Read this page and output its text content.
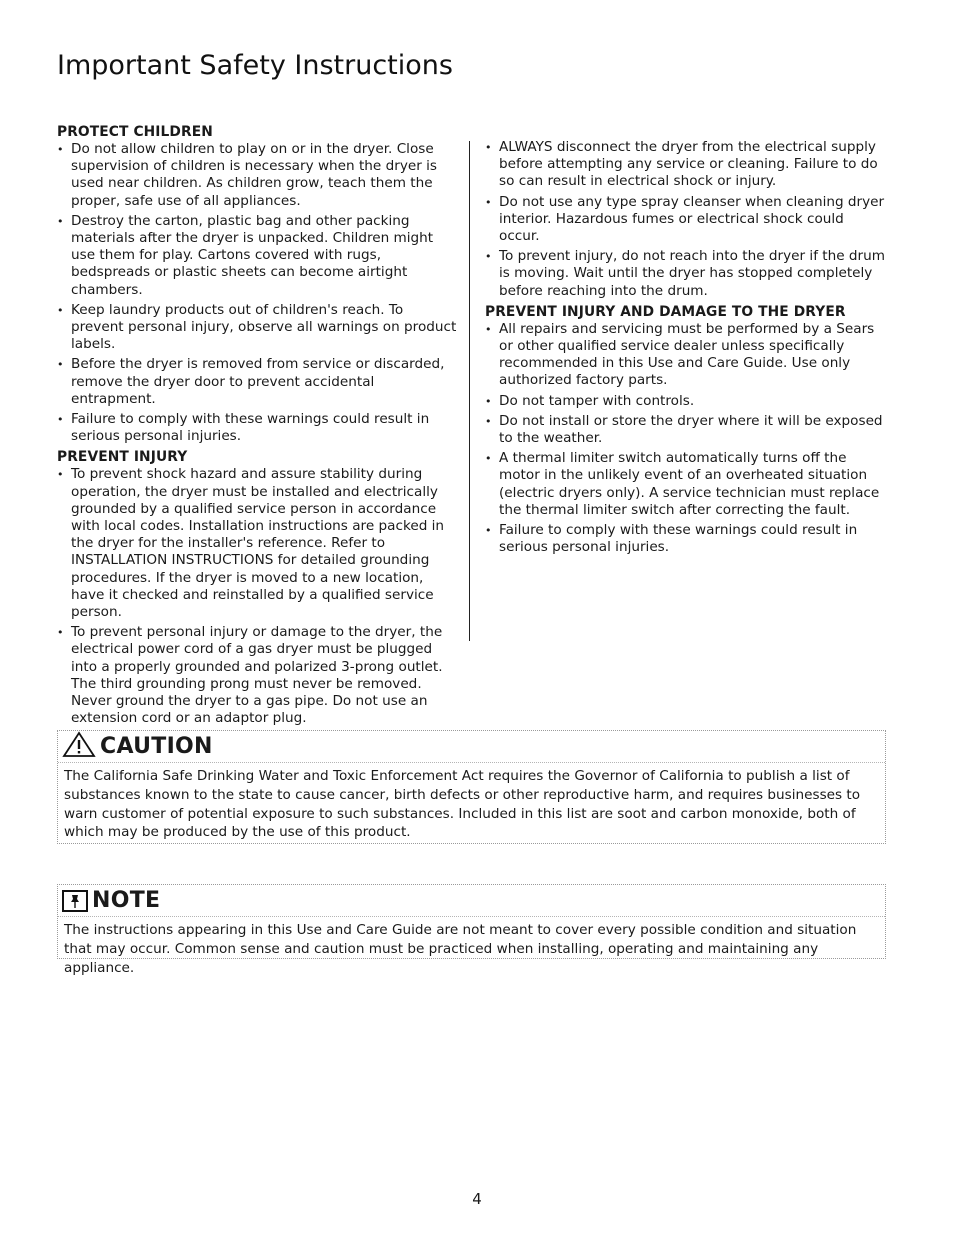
Important Safety Instructions
PROTECT CHILDREN
• Do not allow children to play on or in the dryer. Close supervision of children is necessary when the dryer is used near children. As children grow, teach them the proper, safe use of all appliances.
• Destroy the carton, plastic bag and other packing materials after the dryer is unpacked. Children might use them for play. Cartons covered with rugs, bedspreads or plastic sheets can become airtight chambers.
• Keep laundry products out of children's reach. To prevent personal injury, observe all warnings on product labels.
• Before the dryer is removed from service or discarded, remove the dryer door to prevent accidental entrapment.
• Failure to comply with these warnings could result in serious personal injuries.
PREVENT INJURY
• To prevent shock hazard and assure stability during operation, the dryer must be installed and electrically grounded by a qualified service person in accordance with local codes. Installation instructions are packed in the dryer for the installer's reference. Refer to INSTALLATION INSTRUCTIONS for detailed grounding procedures. If the dryer is moved to a new location, have it checked and reinstalled by a qualified service person.
• To prevent personal injury or damage to the dryer, the electrical power cord of a gas dryer must be plugged into a properly grounded and polarized 3-prong outlet. The third grounding prong must never be removed. Never ground the dryer to a gas pipe. Do not use an extension cord or an adaptor plug.
• ALWAYS disconnect the dryer from the electrical supply before attempting any service or cleaning. Failure to do so can result in electrical shock or injury.
• Do not use any type spray cleanser when cleaning dryer interior. Hazardous fumes or electrical shock could occur.
• To prevent injury, do not reach into the dryer if the drum is moving. Wait until the dryer has stopped completely before reaching into the drum.
PREVENT INJURY AND DAMAGE TO THE DRYER
• All repairs and servicing must be performed by a Sears or other qualified service dealer unless specifically recommended in this Use and Care Guide. Use only authorized factory parts.
• Do not tamper with controls.
• Do not install or store the dryer where it will be exposed to the weather.
• A thermal limiter switch automatically turns off the motor in the unlikely event of an overheated situation (electric dryers only). A service technician must replace the thermal limiter switch after correcting the fault.
• Failure to comply with these warnings could result in serious personal injuries.
CAUTION
The California Safe Drinking Water and Toxic Enforcement Act requires the Governor of California to publish a list of substances known to the state to cause cancer, birth defects or other reproductive harm, and requires businesses to warn customer of potential exposure to such substances. Included in this list are soot and carbon monoxide, both of which may be produced by the use of this product.
NOTE
The instructions appearing in this Use and Care Guide are not meant to cover every possible condition and situation that may occur. Common sense and caution must be practiced when installing, operating and maintaining any appliance.
4
